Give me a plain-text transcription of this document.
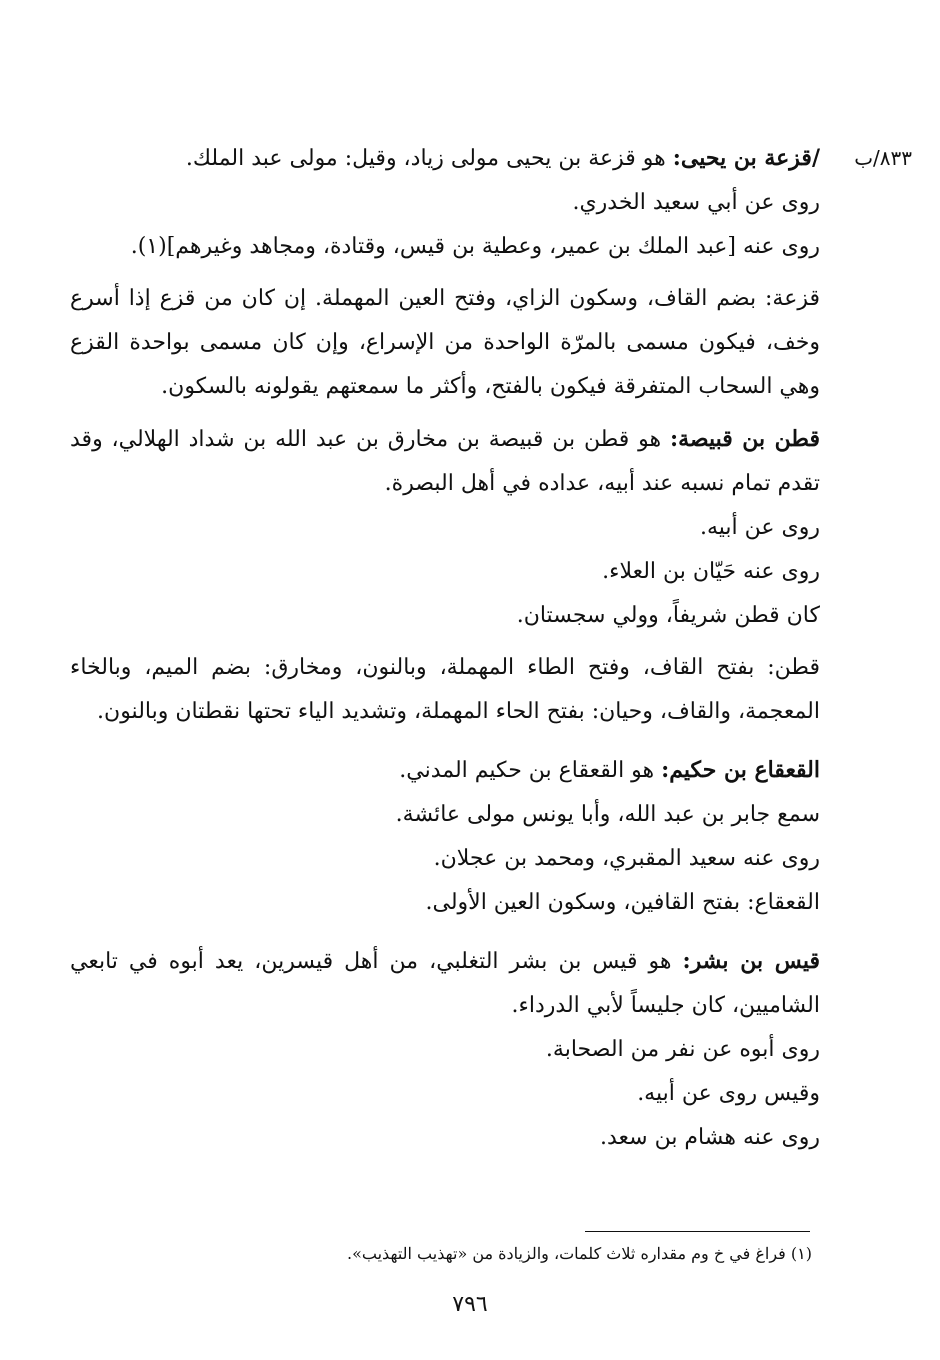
٨٣٣/ب

/قزعة بن يحيى: هو قزعة بن يحيى مولى زياد، وقيل: مولى عبد الملك.

روى عن أبي سعيد الخدري.

روى عنه [عبد الملك بن عمير، وعطية بن قيس، وقتادة، ومجاهد وغيرهم](١).

قزعة: بضم القاف، وسكون الزاي، وفتح العين المهملة. إن كان من قزع إذا أسرع وخف، فيكون مسمى بالمرّة الواحدة من الإسراع، وإن كان مسمى بواحدة القزع وهي السحاب المتفرقة فيكون بالفتح، وأكثر ما سمعتهم يقولونه بالسكون.

قطن بن قبيصة: هو قطن بن قبيصة بن مخارق بن عبد الله بن شداد الهلالي، وقد تقدم تمام نسبه عند أبيه، عداده في أهل البصرة.

روى عن أبيه.

روى عنه حَيّان بن العلاء.

كان قطن شريفاً، وولي سجستان.

قطن: بفتح القاف، وفتح الطاء المهملة، وبالنون، ومخارق: بضم الميم، وبالخاء المعجمة، والقاف، وحيان: بفتح الحاء المهملة، وتشديد الياء تحتها نقطتان وبالنون.

القعقاع بن حكيم: هو القعقاع بن حكيم المدني.

سمع جابر بن عبد الله، وأبا يونس مولى عائشة.

روى عنه سعيد المقبري، ومحمد بن عجلان.

القعقاع: بفتح القافين، وسكون العين الأولى.

قيس بن بشر: هو قيس بن بشر التغلبي، من أهل قيسرين، يعد أبوه في تابعي الشاميين، كان جليساً لأبي الدرداء.

روى أبوه عن نفر من الصحابة.

وقيس روى عن أبيه.

روى عنه هشام بن سعد.

(١) فراغ في خ وم مقداره ثلاث كلمات، والزيادة من «تهذيب التهذيب».
٧٩٦
